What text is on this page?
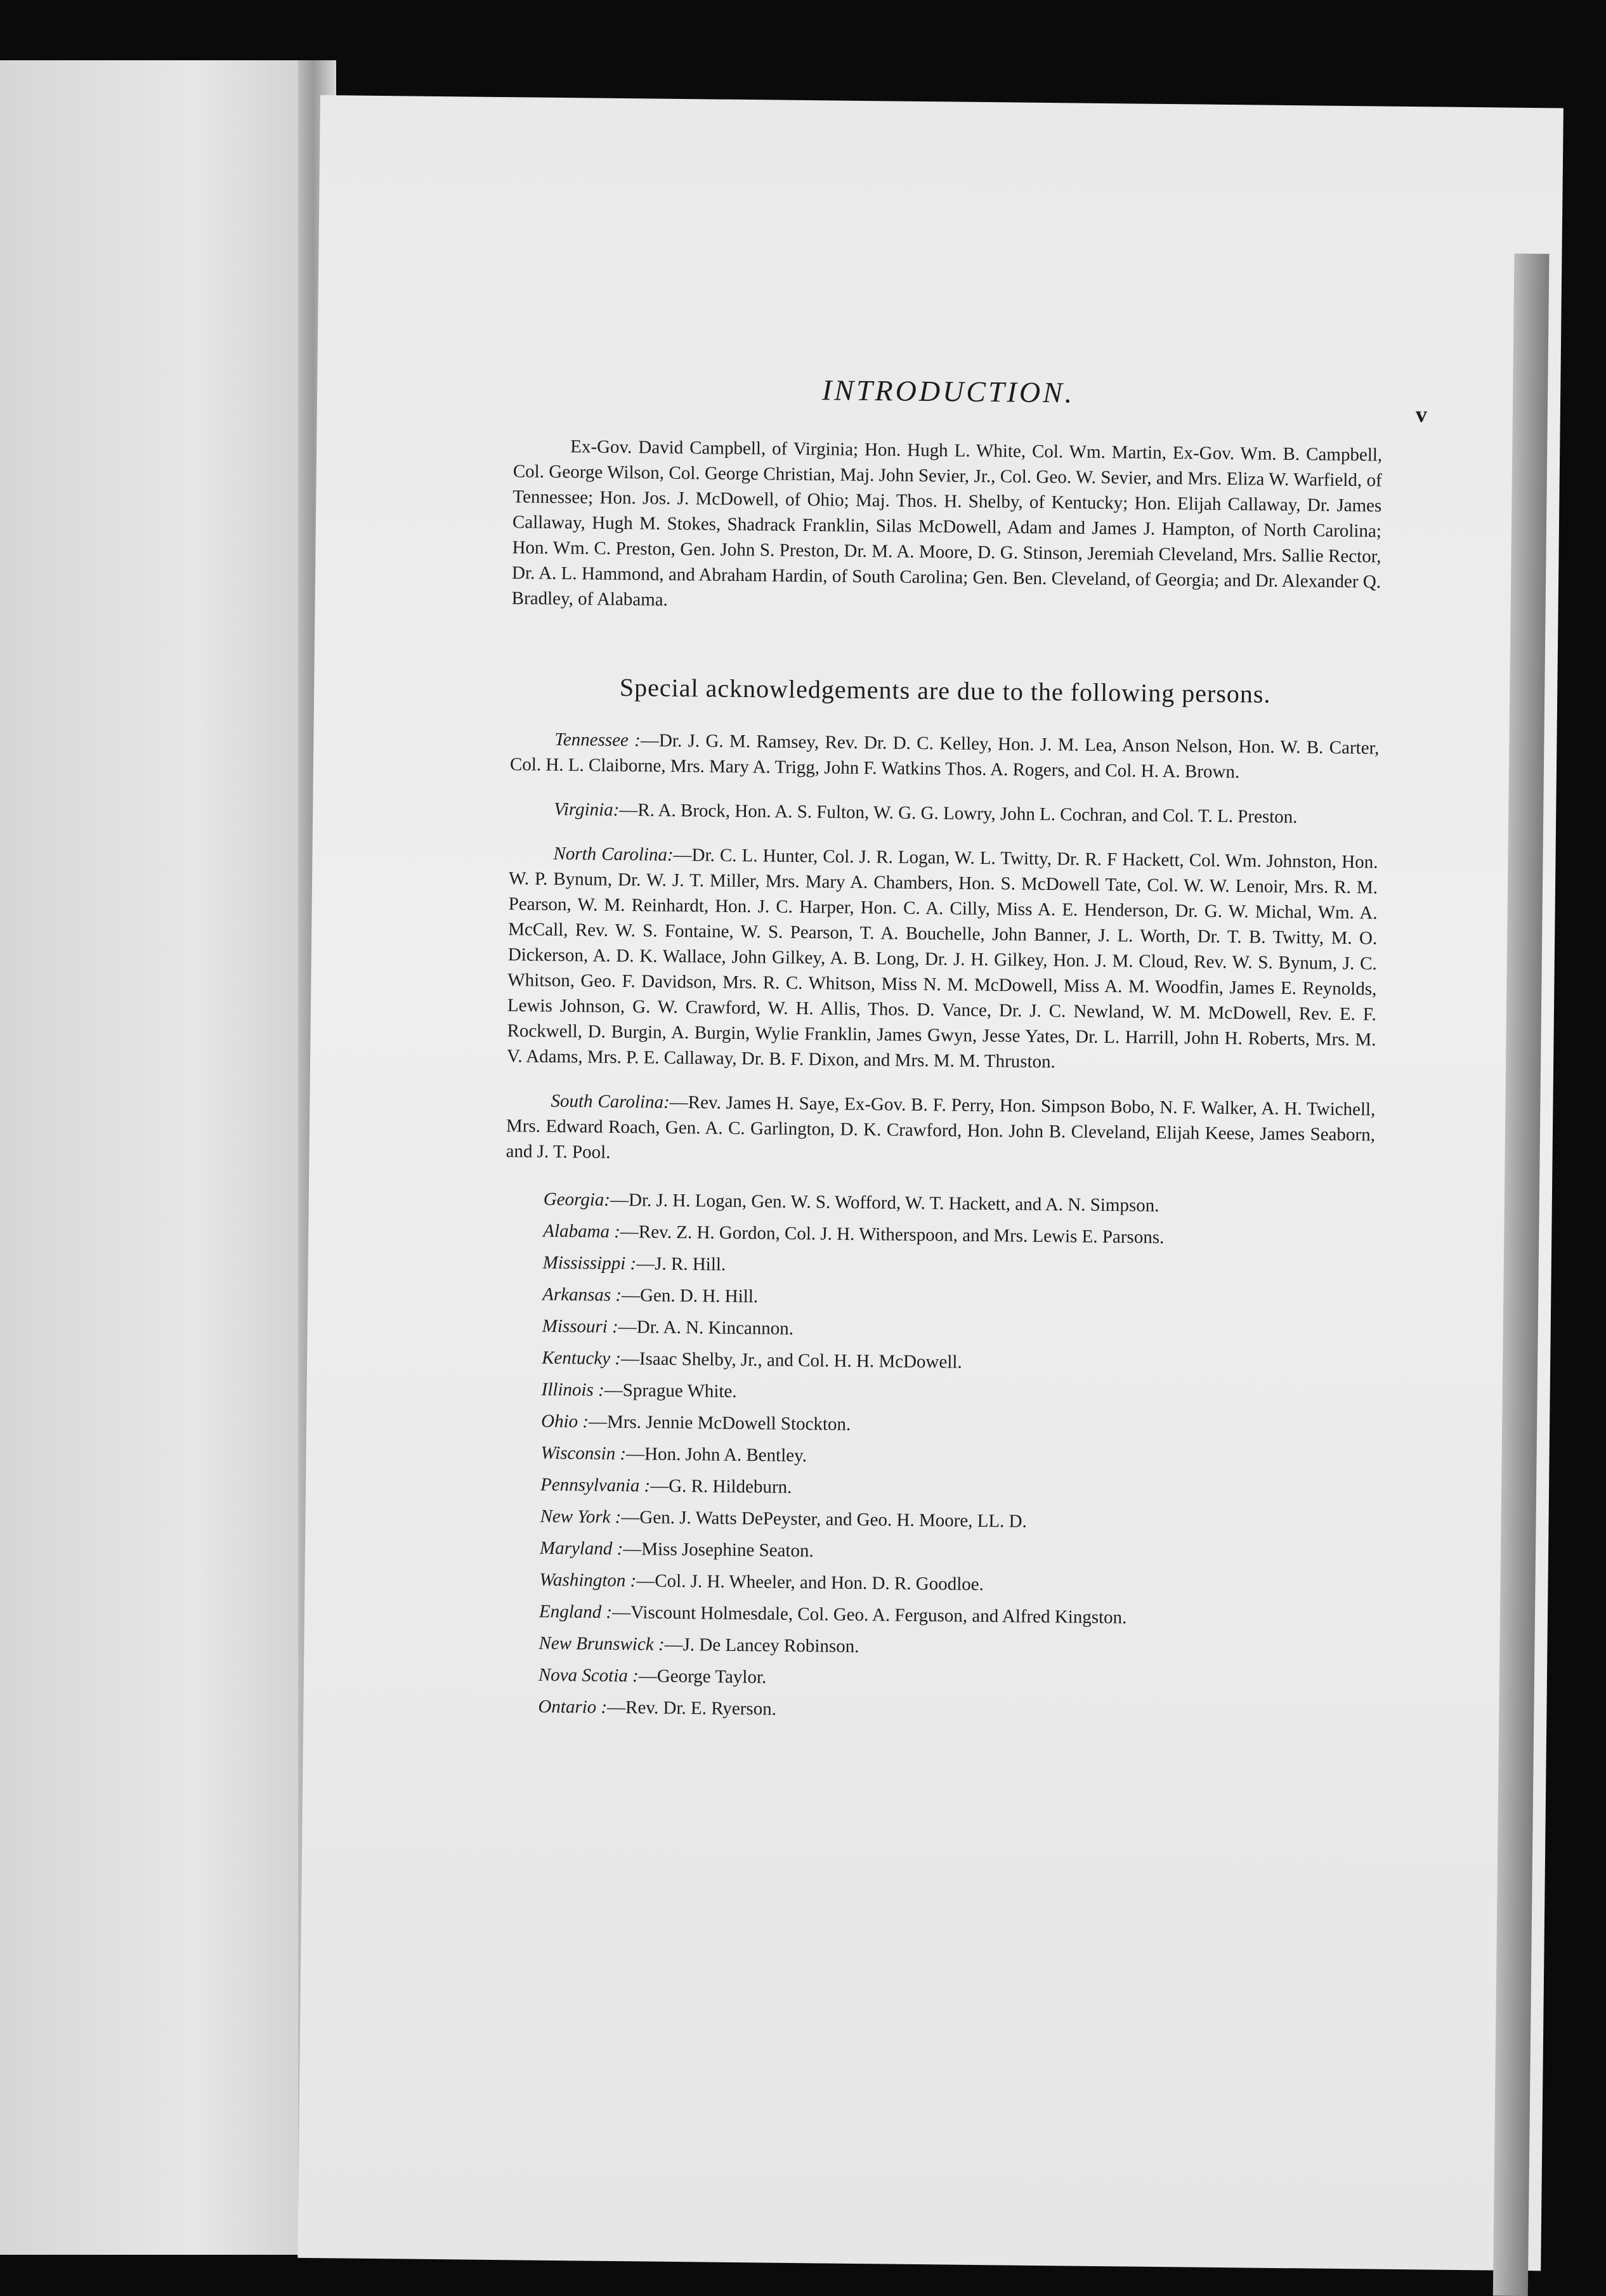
INTRODUCTION.
v

Ex-Gov. David Campbell, of Virginia; Hon. Hugh L. White, Col. Wm. Martin, Ex-Gov. Wm. B. Campbell, Col. George Wilson, Col. George Christian, Maj. John Sevier, Jr., Col. Geo. W. Sevier, and Mrs. Eliza W. Warfield, of Tennessee; Hon. Jos. J. McDowell, of Ohio; Maj. Thos. H. Shelby, of Kentucky; Hon. Elijah Callaway, Dr. James Callaway, Hugh M. Stokes, Shadrack Franklin, Silas McDowell, Adam and James J. Hampton, of North Carolina; Hon. Wm. C. Preston, Gen. John S. Preston, Dr. M. A. Moore, D. G. Stinson, Jeremiah Cleveland, Mrs. Sallie Rector, Dr. A. L. Hammond, and Abraham Hardin, of South Carolina; Gen. Ben. Cleveland, of Georgia; and Dr. Alexander Q. Bradley, of Alabama.

Special acknowledgements are due to the following persons.

Tennessee :—Dr. J. G. M. Ramsey, Rev. Dr. D. C. Kelley, Hon. J. M. Lea, Anson Nelson, Hon. W. B. Carter, Col. H. L. Claiborne, Mrs. Mary A. Trigg, John F. Watkins Thos. A. Rogers, and Col. H. A. Brown.

Virginia:—R. A. Brock, Hon. A. S. Fulton, W. G. G. Lowry, John L. Cochran, and Col. T. L. Preston.

North Carolina:—Dr. C. L. Hunter, Col. J. R. Logan, W. L. Twitty, Dr. R. F Hackett, Col. Wm. Johnston, Hon. W. P. Bynum, Dr. W. J. T. Miller, Mrs. Mary A. Chambers, Hon. S. McDowell Tate, Col. W. W. Lenoir, Mrs. R. M. Pearson, W. M. Reinhardt, Hon. J. C. Harper, Hon. C. A. Cilly, Miss A. E. Henderson, Dr. G. W. Michal, Wm. A. McCall, Rev. W. S. Fontaine, W. S. Pearson, T. A. Bouchelle, John Banner, J. L. Worth, Dr. T. B. Twitty, M. O. Dickerson, A. D. K. Wallace, John Gilkey, A. B. Long, Dr. J. H. Gilkey, Hon. J. M. Cloud, Rev. W. S. Bynum, J. C. Whitson, Geo. F. Davidson, Mrs. R. C. Whitson, Miss N. M. McDowell, Miss A. M. Woodfin, James E. Reynolds, Lewis Johnson, G. W. Crawford, W. H. Allis, Thos. D. Vance, Dr. J. C. Newland, W. M. McDowell, Rev. E. F. Rockwell, D. Burgin, A. Burgin, Wylie Franklin, James Gwyn, Jesse Yates, Dr. L. Harrill, John H. Roberts, Mrs. M. V. Adams, Mrs. P. E. Callaway, Dr. B. F. Dixon, and Mrs. M. M. Thruston.

South Carolina:—Rev. James H. Saye, Ex-Gov. B. F. Perry, Hon. Simpson Bobo, N. F. Walker, A. H. Twichell, Mrs. Edward Roach, Gen. A. C. Garlington, D. K. Crawford, Hon. John B. Cleveland, Elijah Keese, James Seaborn, and J. T. Pool.

Georgia:—Dr. J. H. Logan, Gen. W. S. Wofford, W. T. Hackett, and A. N. Simpson.
Alabama :—Rev. Z. H. Gordon, Col. J. H. Witherspoon, and Mrs. Lewis E. Parsons.
Mississippi :—J. R. Hill.
Arkansas :—Gen. D. H. Hill.
Missouri :—Dr. A. N. Kincannon.
Kentucky :—Isaac Shelby, Jr., and Col. H. H. McDowell.
Illinois :—Sprague White.
Ohio :—Mrs. Jennie McDowell Stockton.
Wisconsin :—Hon. John A. Bentley.
Pennsylvania :—G. R. Hildeburn.
New York :—Gen. J. Watts DePeyster, and Geo. H. Moore, LL. D.
Maryland :—Miss Josephine Seaton.
Washington :—Col. J. H. Wheeler, and Hon. D. R. Goodloe.
England :—Viscount Holmesdale, Col. Geo. A. Ferguson, and Alfred Kingston.
New Brunswick :—J. De Lancey Robinson.
Nova Scotia :—George Taylor.
Ontario :—Rev. Dr. E. Ryerson.
